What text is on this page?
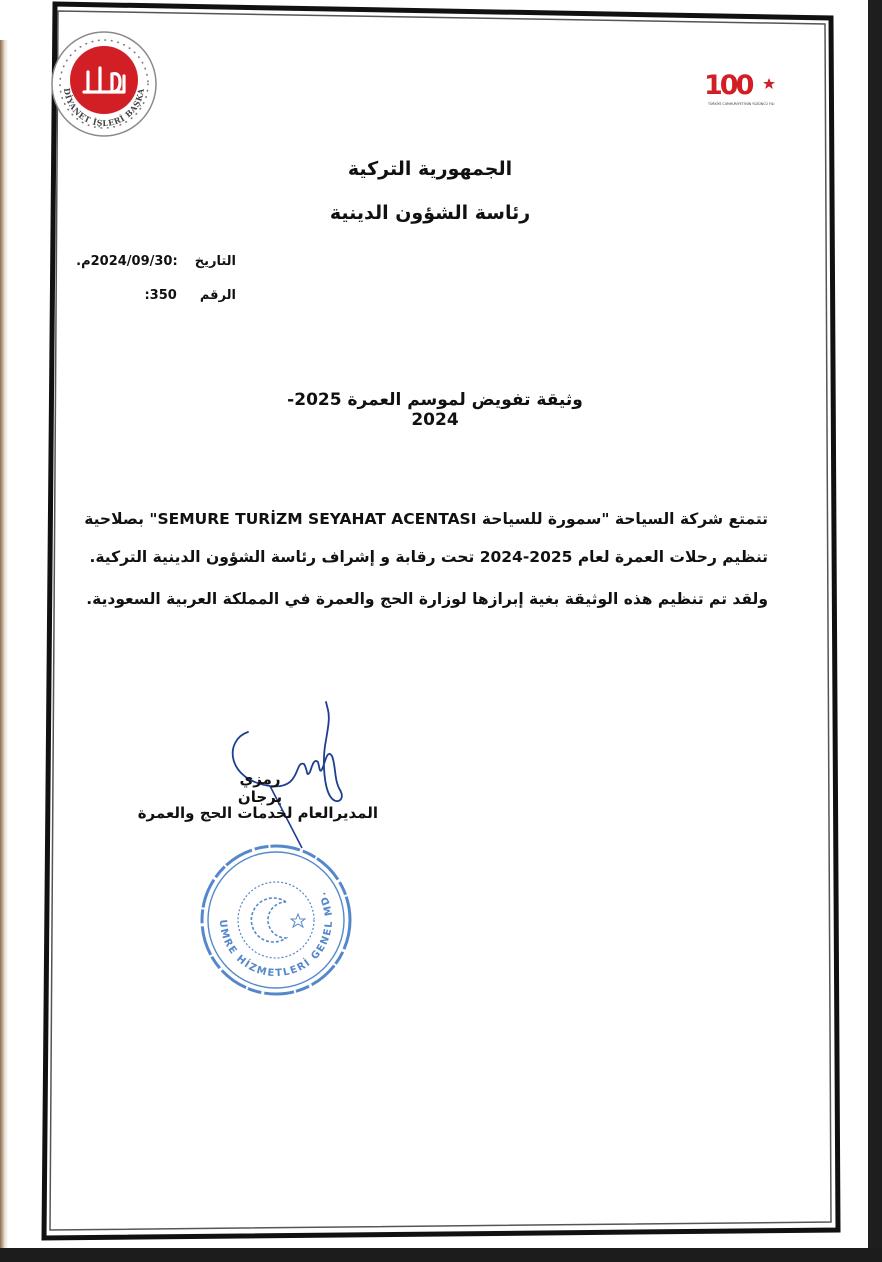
DİYANET İŞLERİ BAŞKA	100
TÜRKİYE CUMHURİYETİ'NİN YÜZÜNCÜ YILI
الجمهورية التركية
رئاسة الشؤون الدينية
التاريخ  :2024/09/30م.
الرقم  :350
وثيقة تفويض لموسم العمرة 2025-2024
تتمتع شركة السياحة "سمورة للسياحة SEMURE TURİZM SEYAHAT ACENTASI" بصلاحية
تنظيم رحلات العمرة لعام 2025-2024 تحت رقابة و إشراف رئاسة الشؤون الدينية التركية.
ولقد تم تنظيم هذه الوثيقة بغية إبرازها لوزارة الحج والعمرة في المملكة العربية السعودية.
رمزي يرجان
المديرالعام لخدمات الحج والعمرة
UMRE HİZMETLERİ GENEL MD.
